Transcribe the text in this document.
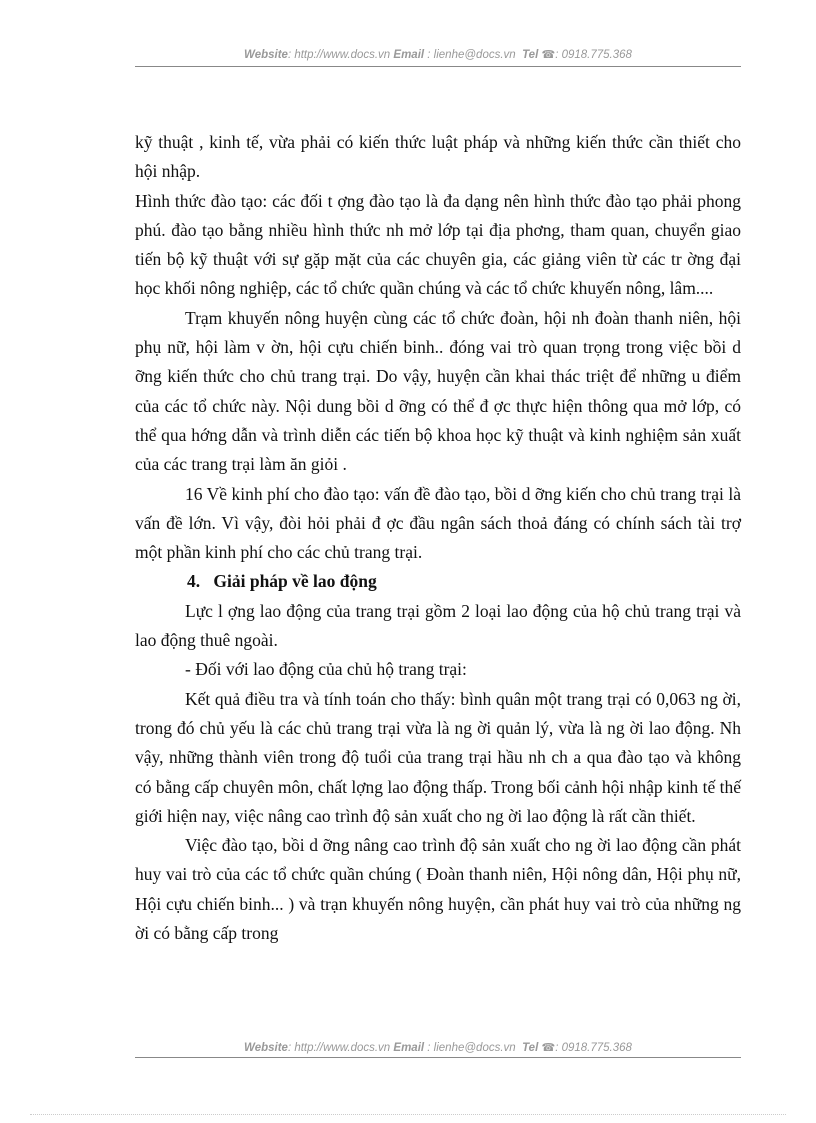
Website: http://www.docs.vn Email : lienhe@docs.vn Tel ☎: 0918.775.368

kỹ thuật , kinh tế, vừa phải có kiến thức luật pháp và những kiến thức cần thiết cho hội nhập.

Hình thức đào tạo: các đối t ợng đào tạo là đa dạng nên hình thức đào tạo phải phong phú. đào tạo bằng nhiều hình thức nh mở lớp tại địa phơng, tham quan, chuyển giao tiến bộ kỹ thuật với sự gặp mặt của các chuyên gia, các giảng viên từ các tr ờng đại học khối nông nghiệp, các tổ chức quần chúng và các tổ chức khuyến nông, lâm....

Trạm khuyến nông huyện cùng các tổ chức đoàn, hội nh đoàn thanh niên, hội phụ nữ, hội làm v ờn, hội cựu chiến binh.. đóng vai trò quan trọng trong việc bồi d ỡng kiến thức cho chủ trang trại. Do vậy, huyện cần khai thác triệt để những u điểm của các tổ chức này. Nội dung bồi d ỡng có thể đ ợc thực hiện thông qua mở lớp, có thể qua hớng dẫn và trình diễn các tiến bộ khoa học kỹ thuật và kinh nghiệm sản xuất của các trang trại làm ăn giỏi .

16 Về kinh phí cho đào tạo: vấn đề đào tạo, bồi d ỡng kiến cho chủ trang trại là vấn đề lớn. Vì vậy, đòi hỏi phải đ ợc đầu ngân sách thoả đáng có chính sách tài trợ một phần kinh phí cho các chủ trang trại.

4. Giải pháp về lao động

Lực l ợng lao động của trang trại gồm 2 loại lao động của hộ chủ trang trại và lao động thuê ngoài.

- Đối với lao động của chủ hộ trang trại:

Kết quả điều tra và tính toán cho thấy: bình quân một trang trại có 0,063 ng ời, trong đó chủ yếu là các chủ trang trại vừa là ng ời quản lý, vừa là ng ời lao động. Nh vậy, những thành viên trong độ tuổi của trang trại hầu nh ch a qua đào tạo và không có bằng cấp chuyên môn, chất lợng lao động thấp. Trong bối cảnh hội nhập kinh tế thế giới hiện nay, việc nâng cao trình độ sản xuất cho ng ời lao động là rất cần thiết.

Việc đào tạo, bồi d ỡng nâng cao trình độ sản xuất cho ng ời lao động cần phát huy vai trò của các tổ chức quần chúng ( Đoàn thanh niên, Hội nông dân, Hội phụ nữ, Hội cựu chiến binh... ) và trạn khuyến nông huyện, cần phát huy vai trò của những ng ời có bằng cấp trong

Website: http://www.docs.vn Email : lienhe@docs.vn Tel ☎: 0918.775.368
